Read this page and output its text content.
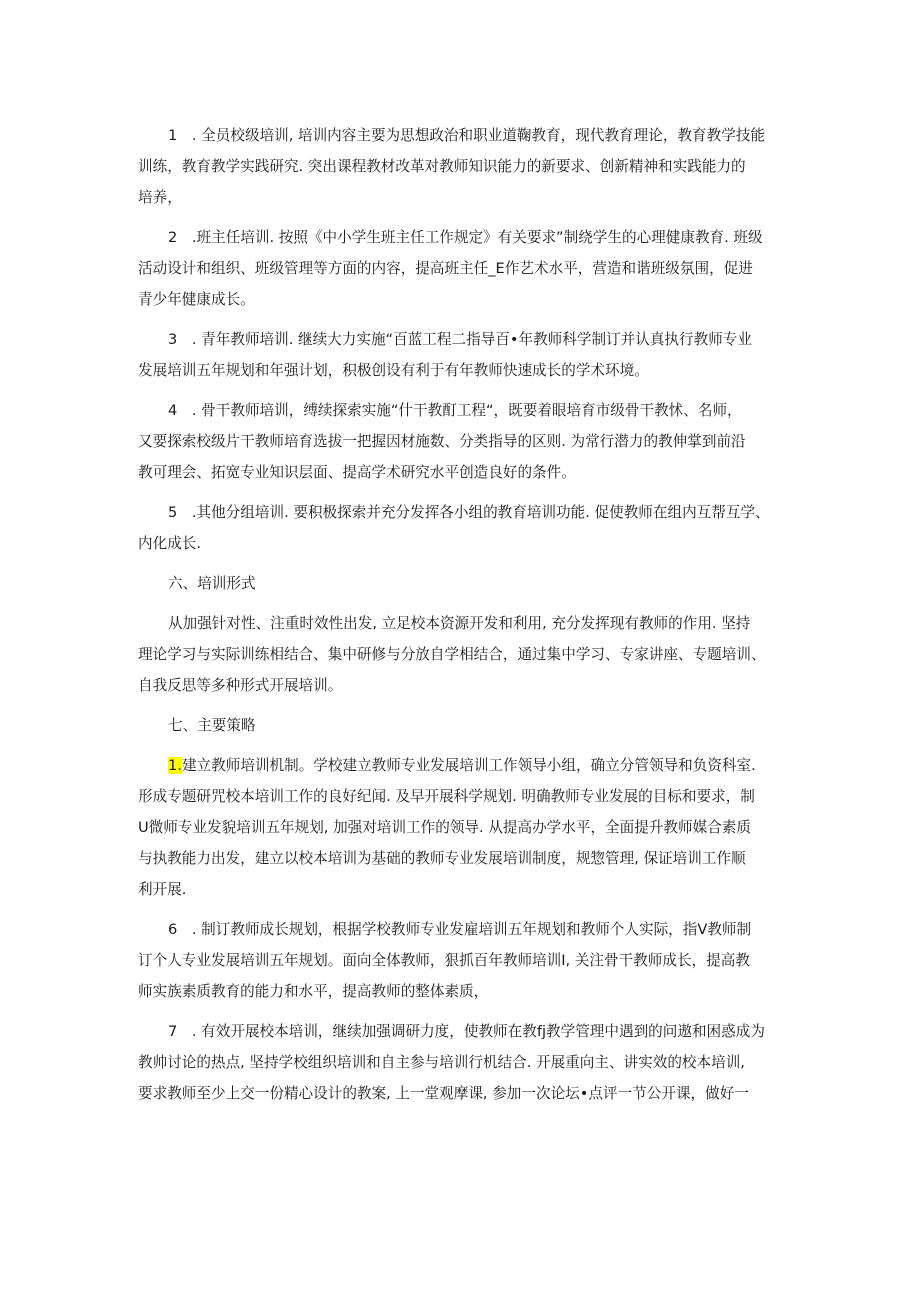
1　. 全员校级培训, 培训内容主要为思想政治和职业道鞠教育，现代教育理论，教育教学技能
训练，教育教学实践研究. 突出课程教材改革对教师知识能力的新要求、创新精神和实践能力的
培养，
2　.班主任培训. 按照《中小学生班主任工作规定》有关要求”制绕学生的心理健康教育. 班级
活动设计和组织、班级管理等方面的内容，提高班主任_E作艺术水平，营造和谐班级氛围，促进
青少年健康成长。
3　. 青年教师培训. 继续大力实施“百蓝工程二指导百•年教师科学制订并认真执行教师专业
发展培训五年规划和年强计划，积极创设有利于有年教师快速成长的学术环境。
4　. 骨干教师培训，缚续探索实施“什干教酊工程“，既要着眼培育市级骨干教怵、名师，
又要探索校级片干教师培育选拔一把握因材施数、分类指导的区则. 为常行潜力的教伸掌到前沿
教可理会、拓宽专业知识层面、提高学术研究水平创造良好的条件。
5　.其他分组培训. 要积极探索并充分发挥各小组的教育培训功能. 促使教师在组内互帮互学、
内化成长.
六、培训形式
从加强针对性、注重时效性出发, 立足校本资源开发和利用, 充分发挥现有教师的作用. 坚持
理论学习与实际训练相结合、集中研修与分放自学相结合，通过集中学习、专家讲座、专题培训、
自我反思等多种形式开展培训。
七、主要策略
1.建立教师培训机制。学校建立教师专业发展培训工作领导小组，确立分管领导和负资科室.
形成专题研咒校本培训工作的良好纪闻. 及早开展科学规划. 明确教师专业发展的目标和要求，制
U微师专业发貌培训五年规划, 加强对培训工作的领导. 从提高办学水平，全面提升教师媒合素质
与执教能力出发，建立以校本培训为基础的教师专业发展培训制度，规惣管理, 保证培训工作顺
利开展.
6　. 制订教师成长规划，根据学校教师专业发雇培训五年规划和教师个人实际，指V教师制
订个人专业发展培训五年规划。面向全体教师，狠抓百年教师培训I, 关注骨干教师成长，提高教
师实族素质教育的能力和水平，提高教师的整体素质，
7　. 有效开展校本培训，继续加强调研力度，使教师在教fj教学管理中遇到的问遨和困惑成为
教帅讨论的热点, 坚持学校组织培训和自主参与培训行机结合. 开展重向主、讲实效的校本培训,
要求教师至少上交一份精心设计的教案, 上一堂观摩课, 参加一次论坛•点评一节公开课，做好一
